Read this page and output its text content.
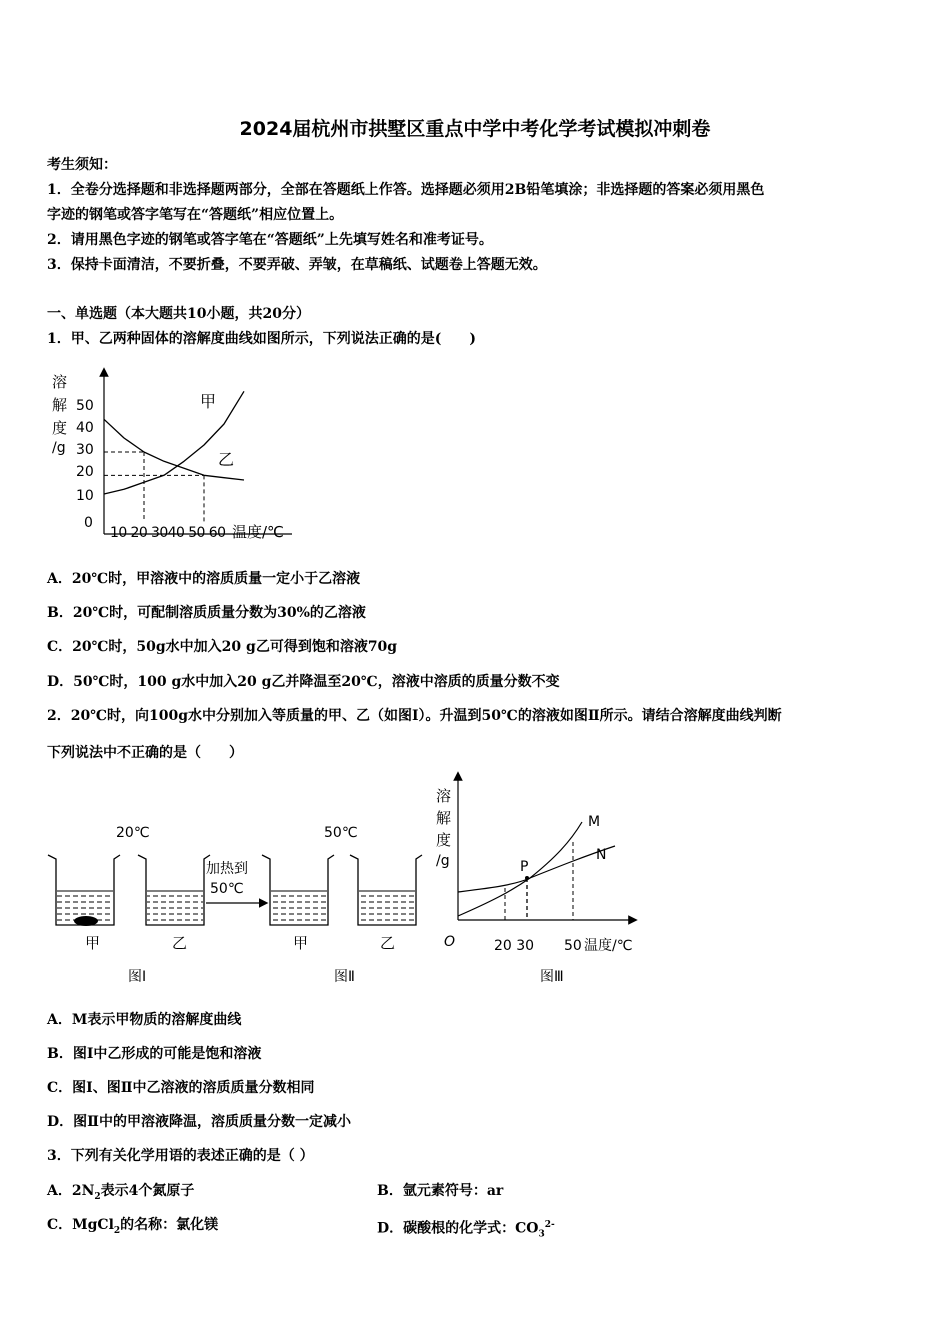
2024届杭州市拱墅区重点中学中考化学考试模拟冲刺卷
考生须知：
1．全卷分选择题和非选择题两部分，全部在答题纸上作答。选择题必须用2B铅笔填涂；非选择题的答案必须用黑色
字迹的钢笔或答字笔写在“答题纸”相应位置上。
2．请用黑色字迹的钢笔或答字笔在“答题纸”上先填写姓名和准考证号。
3．保持卡面清洁，不要折叠，不要弄破、弄皱，在草稿纸、试题卷上答题无效。
一、单选题（本大题共10小题，共20分）
1．甲、乙两种固体的溶解度曲线如图所示，下列说法正确的是(　　)
溶
解
度
/g
50
40
30
20
10
0
10 20 3040 50 60 温度/℃
甲
乙
A．20℃时，甲溶液中的溶质质量一定小于乙溶液
B．20℃时，可配制溶质质量分数为30%的乙溶液
C．20℃时，50g水中加入20 g乙可得到饱和溶液70g
D．50℃时，100 g水中加入20 g乙并降温至20℃，溶液中溶质的质量分数不变
2．20℃时，向100g水中分别加入等质量的甲、乙（如图I）。升温到50℃的溶液如图Ⅱ所示。请结合溶解度曲线判断
下列说法中不正确的是（　　）
20℃	50℃
加热到
50℃
甲	乙	甲	乙
图Ⅰ	图Ⅱ
溶
解
度
/g	P
M
N
O	20 30 50 温度/℃
图Ⅲ
A．M表示甲物质的溶解度曲线
B．图Ⅰ中乙形成的可能是饱和溶液
C．图Ⅰ、图Ⅱ中乙溶液的溶质质量分数相同
D．图Ⅱ中的甲溶液降温，溶质质量分数一定减小
3．下列有关化学用语的表述正确的是（ ）
A．$2N_2$表示4个氮原子	B．氩元素符号：ar
C．MgCl$_2$的名称：氯化镁	D．碳酸根的化学式：$CO_3^{2-}$
